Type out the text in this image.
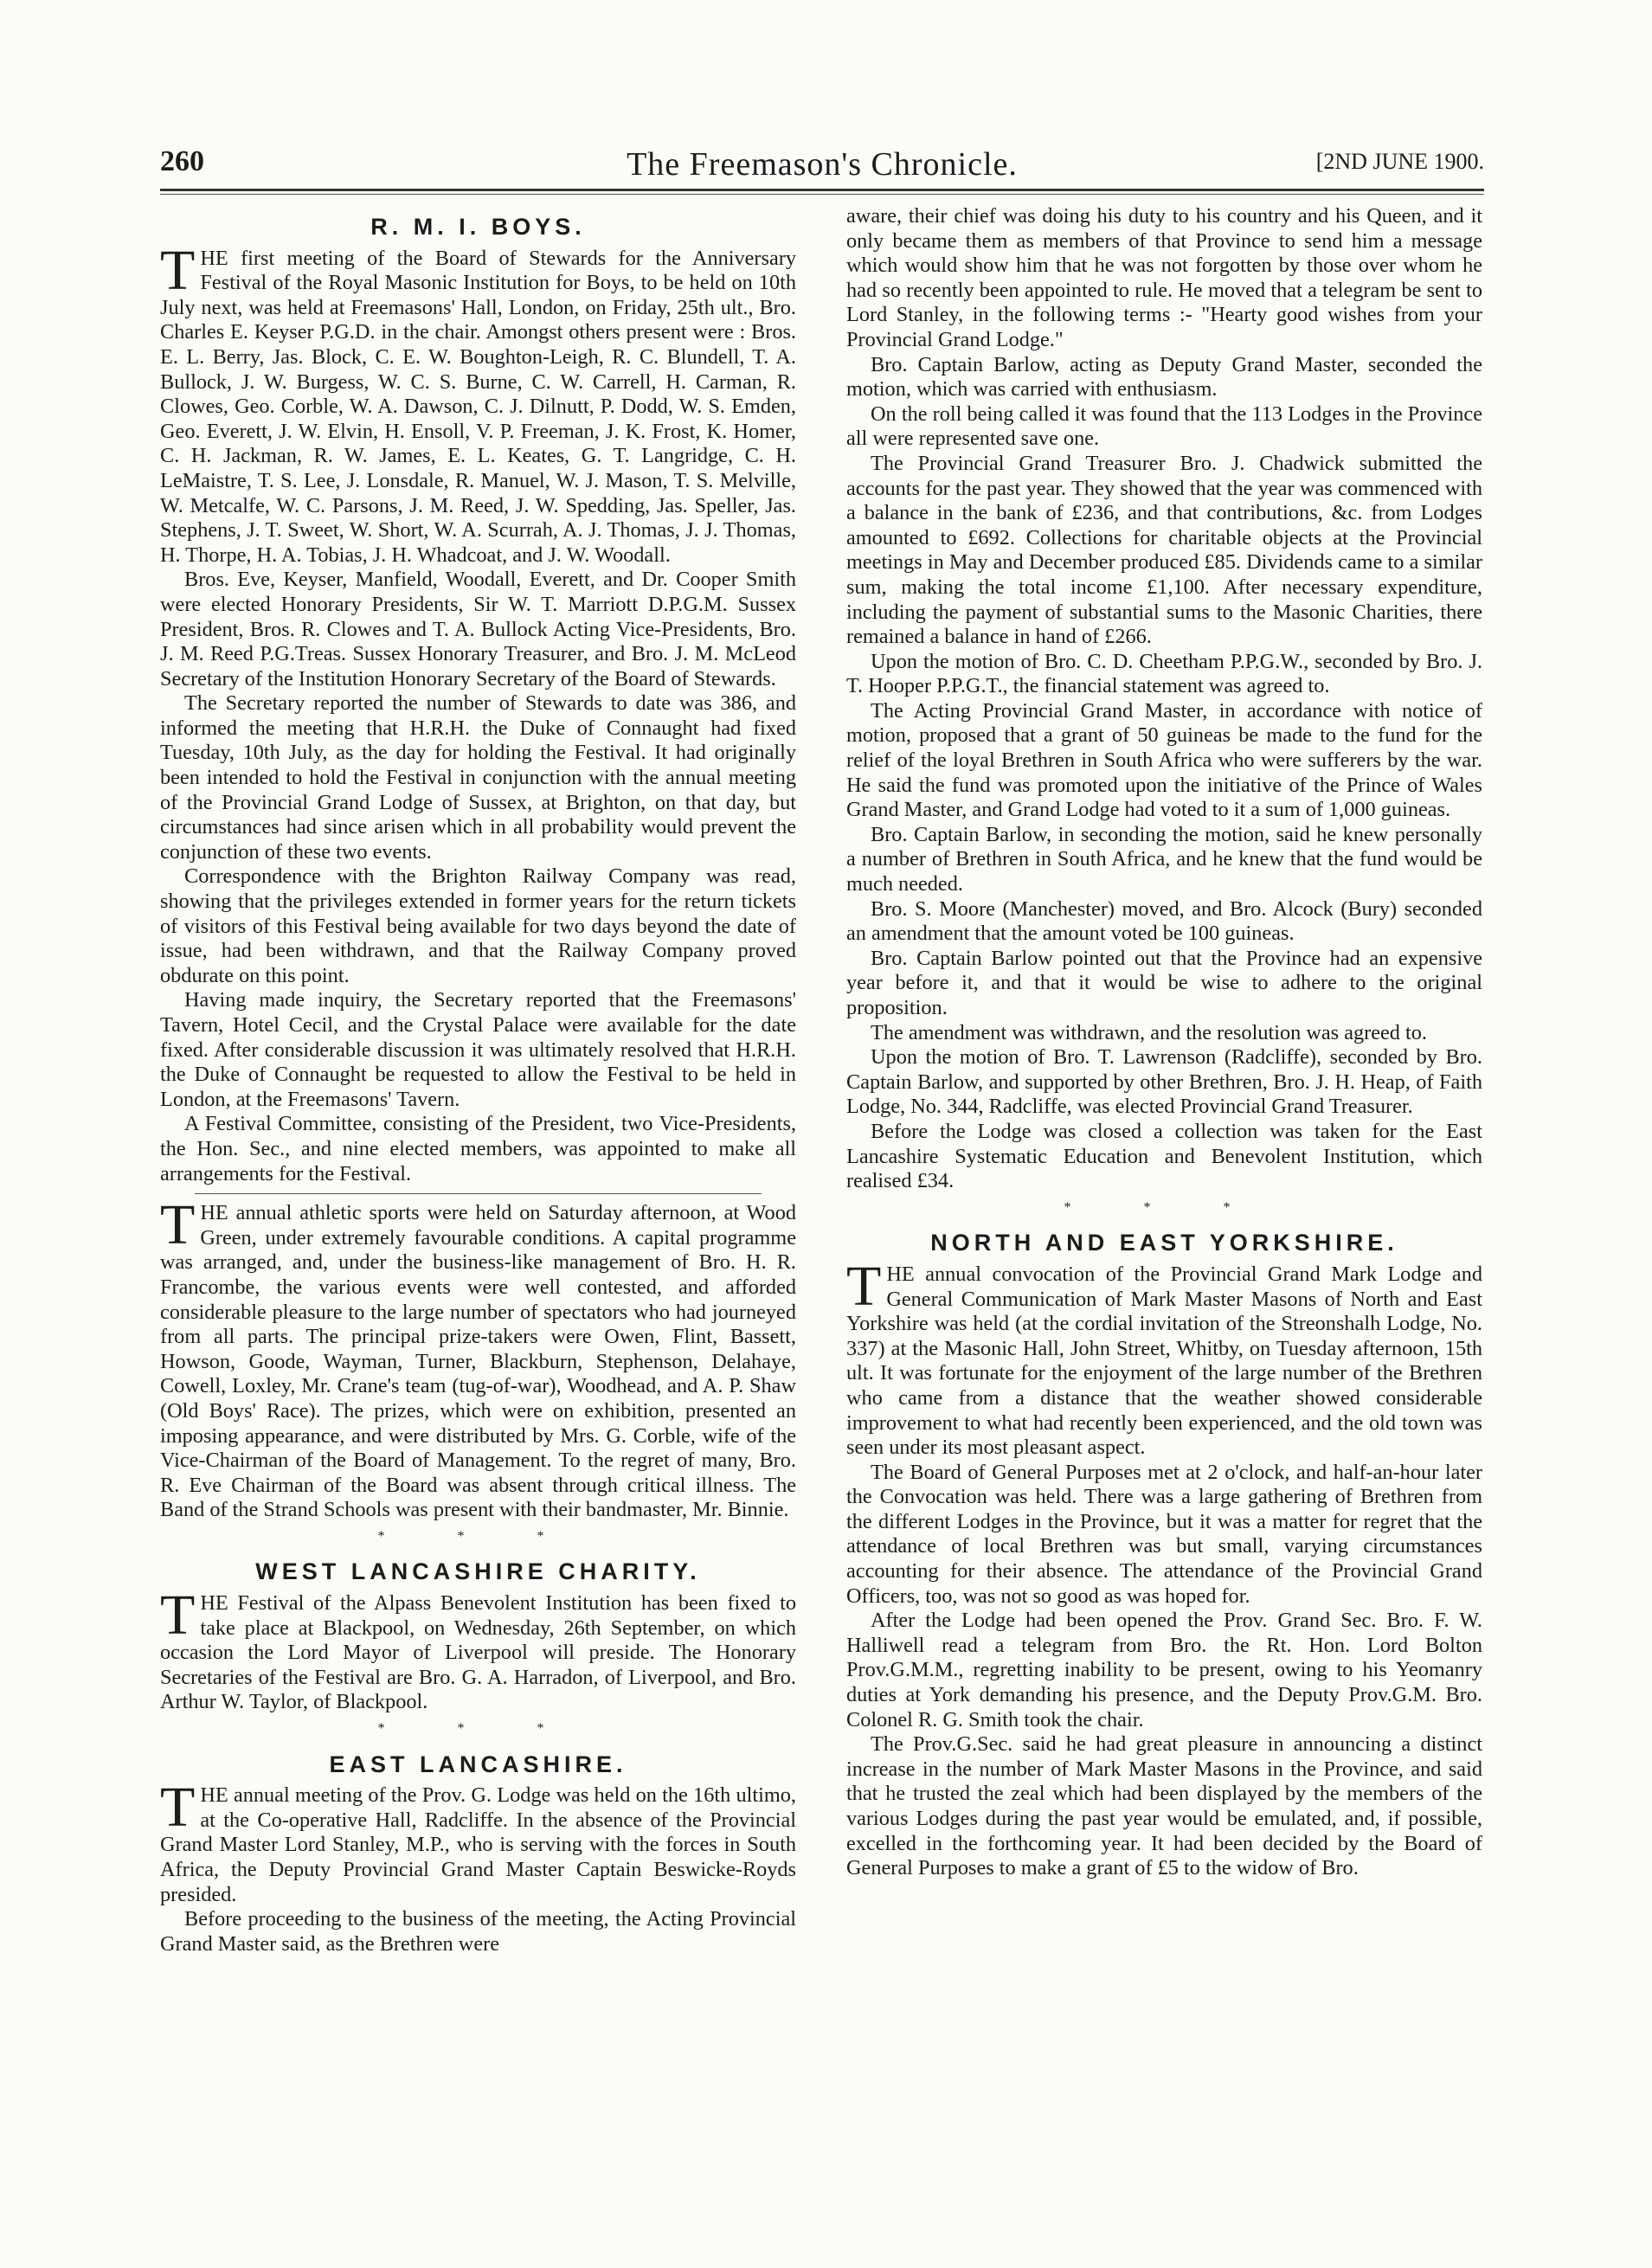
260	The Freemason's Chronicle.	[2ND JUNE 1900.
R. M. I. BOYS.

THE first meeting of the Board of Stewards for the Anniversary Festival of the Royal Masonic Institution for Boys, to be held on 10th July next, was held at Freemasons' Hall, London, on Friday, 25th ult., Bro. Charles E. Keyser P.G.D. in the chair. Amongst others present were : Bros. E. L. Berry, Jas. Block, C. E. W. Boughton-Leigh, R. C. Blundell, T. A. Bullock, J. W. Burgess, W. C. S. Burne, C. W. Carrell, H. Carman, R. Clowes, Geo. Corble, W. A. Dawson, C. J. Dilnutt, P. Dodd, W. S. Emden, Geo. Everett, J. W. Elvin, H. Ensoll, V. P. Freeman, J. K. Frost, K. Homer, C. H. Jackman, R. W. James, E. L. Keates, G. T. Langridge, C. H. LeMaistre, T. S. Lee, J. Lonsdale, R. Manuel, W. J. Mason, T. S. Melville, W. Metcalfe, W. C. Parsons, J. M. Reed, J. W. Spedding, Jas. Speller, Jas. Stephens, J. T. Sweet, W. Short, W. A. Scurrah, A. J. Thomas, J. J. Thomas, H. Thorpe, H. A. Tobias, J. H. Whadcoat, and J. W. Woodall.

Bros. Eve, Keyser, Manfield, Woodall, Everett, and Dr. Cooper Smith were elected Honorary Presidents, Sir W. T. Marriott D.P.G.M. Sussex President, Bros. R. Clowes and T. A. Bullock Acting Vice-Presidents, Bro. J. M. Reed P.G.Treas. Sussex Honorary Treasurer, and Bro. J. M. McLeod Secretary of the Institution Honorary Secretary of the Board of Stewards.

The Secretary reported the number of Stewards to date was 386, and informed the meeting that H.R.H. the Duke of Connaught had fixed Tuesday, 10th July, as the day for holding the Festival. It had originally been intended to hold the Festival in conjunction with the annual meeting of the Provincial Grand Lodge of Sussex, at Brighton, on that day, but circumstances had since arisen which in all probability would prevent the conjunction of these two events.

Correspondence with the Brighton Railway Company was read, showing that the privileges extended in former years for the return tickets of visitors of this Festival being available for two days beyond the date of issue, had been withdrawn, and that the Railway Company proved obdurate on this point.

Having made inquiry, the Secretary reported that the Freemasons' Tavern, Hotel Cecil, and the Crystal Palace were available for the date fixed. After considerable discussion it was ultimately resolved that H.R.H. the Duke of Connaught be requested to allow the Festival to be held in London, at the Freemasons' Tavern.

A Festival Committee, consisting of the President, two Vice-Presidents, the Hon. Sec., and nine elected members, was appointed to make all arrangements for the Festival.

THE annual athletic sports were held on Saturday afternoon, at Wood Green, under extremely favourable conditions. A capital programme was arranged, and, under the business-like management of Bro. H. R. Francombe, the various events were well contested, and afforded considerable pleasure to the large number of spectators who had journeyed from all parts. The principal prize-takers were Owen, Flint, Bassett, Howson, Goode, Wayman, Turner, Blackburn, Stephenson, Delahaye, Cowell, Loxley, Mr. Crane's team (tug-of-war), Woodhead, and A. P. Shaw (Old Boys' Race). The prizes, which were on exhibition, presented an imposing appearance, and were distributed by Mrs. G. Corble, wife of the Vice-Chairman of the Board of Management. To the regret of many, Bro. R. Eve Chairman of the Board was absent through critical illness. The Band of the Strand Schools was present with their bandmaster, Mr. Binnie.

* * *
WEST LANCASHIRE CHARITY.

THE Festival of the Alpass Benevolent Institution has been fixed to take place at Blackpool, on Wednesday, 26th September, on which occasion the Lord Mayor of Liverpool will preside. The Honorary Secretaries of the Festival are Bro. G. A. Harradon, of Liverpool, and Bro. Arthur W. Taylor, of Blackpool.

* * *
EAST LANCASHIRE.

THE annual meeting of the Prov. G. Lodge was held on the 16th ultimo, at the Co-operative Hall, Radcliffe. In the absence of the Provincial Grand Master Lord Stanley, M.P., who is serving with the forces in South Africa, the Deputy Provincial Grand Master Captain Beswicke-Royds presided.

Before proceeding to the business of the meeting, the Acting Provincial Grand Master said, as the Brethren were

aware, their chief was doing his duty to his country and his Queen, and it only became them as members of that Province to send him a message which would show him that he was not forgotten by those over whom he had so recently been appointed to rule. He moved that a telegram be sent to Lord Stanley, in the following terms :- "Hearty good wishes from your Provincial Grand Lodge."

Bro. Captain Barlow, acting as Deputy Grand Master, seconded the motion, which was carried with enthusiasm.

On the roll being called it was found that the 113 Lodges in the Province all were represented save one.

The Provincial Grand Treasurer Bro. J. Chadwick submitted the accounts for the past year. They showed that the year was commenced with a balance in the bank of £236, and that contributions, &c. from Lodges amounted to £692. Collections for charitable objects at the Provincial meetings in May and December produced £85. Dividends came to a similar sum, making the total income £1,100. After necessary expenditure, including the payment of substantial sums to the Masonic Charities, there remained a balance in hand of £266.

Upon the motion of Bro. C. D. Cheetham P.P.G.W., seconded by Bro. J. T. Hooper P.P.G.T., the financial statement was agreed to.

The Acting Provincial Grand Master, in accordance with notice of motion, proposed that a grant of 50 guineas be made to the fund for the relief of the loyal Brethren in South Africa who were sufferers by the war. He said the fund was promoted upon the initiative of the Prince of Wales Grand Master, and Grand Lodge had voted to it a sum of 1,000 guineas.

Bro. Captain Barlow, in seconding the motion, said he knew personally a number of Brethren in South Africa, and he knew that the fund would be much needed.

Bro. S. Moore (Manchester) moved, and Bro. Alcock (Bury) seconded an amendment that the amount voted be 100 guineas.

Bro. Captain Barlow pointed out that the Province had an expensive year before it, and that it would be wise to adhere to the original proposition.

The amendment was withdrawn, and the resolution was agreed to.

Upon the motion of Bro. T. Lawrenson (Radcliffe), seconded by Bro. Captain Barlow, and supported by other Brethren, Bro. J. H. Heap, of Faith Lodge, No. 344, Radcliffe, was elected Provincial Grand Treasurer.

Before the Lodge was closed a collection was taken for the East Lancashire Systematic Education and Benevolent Institution, which realised £34.

* * *
NORTH AND EAST YORKSHIRE.

THE annual convocation of the Provincial Grand Mark Lodge and General Communication of Mark Master Masons of North and East Yorkshire was held (at the cordial invitation of the Streonshalh Lodge, No. 337) at the Masonic Hall, John Street, Whitby, on Tuesday afternoon, 15th ult. It was fortunate for the enjoyment of the large number of the Brethren who came from a distance that the weather showed considerable improvement to what had recently been experienced, and the old town was seen under its most pleasant aspect.

The Board of General Purposes met at 2 o'clock, and half-an-hour later the Convocation was held. There was a large gathering of Brethren from the different Lodges in the Province, but it was a matter for regret that the attendance of local Brethren was but small, varying circumstances accounting for their absence. The attendance of the Provincial Grand Officers, too, was not so good as was hoped for.

After the Lodge had been opened the Prov. Grand Sec. Bro. F. W. Halliwell read a telegram from Bro. the Rt. Hon. Lord Bolton Prov.G.M.M., regretting inability to be present, owing to his Yeomanry duties at York demanding his presence, and the Deputy Prov.G.M. Bro. Colonel R. G. Smith took the chair.

The Prov.G.Sec. said he had great pleasure in announcing a distinct increase in the number of Mark Master Masons in the Province, and said that he trusted the zeal which had been displayed by the members of the various Lodges during the past year would be emulated, and, if possible, excelled in the forthcoming year. It had been decided by the Board of General Purposes to make a grant of £5 to the widow of Bro.
